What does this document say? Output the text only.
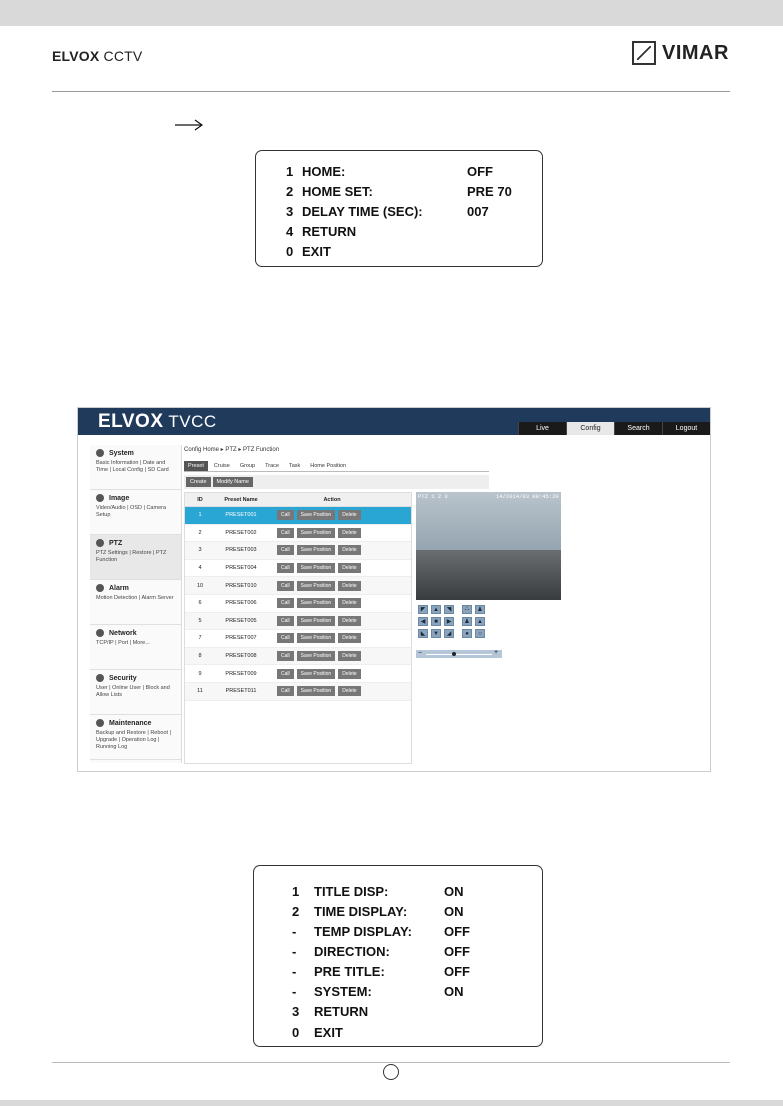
ELVOX CCTV	VIMAR
1 HOME:	OFF
2 HOME SET:	PRE 70
3 DELAY TIME (SEC):	007
4 RETURN
0 EXIT
ELVOX TVCC	Live	Config	Search	Logout
System
Basic Information | Date and Time | Local Config | SD Card
Image
Video/Audio | OSD | Camera Setup
PTZ
PTZ Settings | Restore | PTZ Function
Alarm
Motion Detection | Alarm Server
Network
TCP/IP | Port | More...
Security
User | Online User | Block and Allow Lists
Maintenance
Backup and Restore | Reboot | Upgrade | Operation Log | Running Log
Config Home ▸ PTZ ▸ PTZ Function
Preset	Cruise	Group	Trace	Task	Home Position
Create	Modify Name
ID	Preset Name	Action
1	PRESET001	Call	Save Position	Delete
2	PRESET002	Call	Save Position	Delete
3	PRESET003	Call	Save Position	Delete
4	PRESET004	Call	Save Position	Delete
10	PRESET010	Call	Save Position	Delete
6	PRESET006	Call	Save Position	Delete
5	PRESET005	Call	Save Position	Delete
7	PRESET007	Call	Save Position	Delete
8	PRESET008	Call	Save Position	Delete
9	PRESET009	Call	Save Position	Delete
11	PRESET011	Call	Save Position	Delete
PTZ 1 2 3	14/2014/03 09:45:20
◤	▲	◥
◀	■	▶
◣	▼	◢
⛬	♟
♟	▲
●	○
−	+
1	TITLE DISP:	ON
2	TIME DISPLAY:	ON
-	TEMP DISPLAY:	OFF
-	DIRECTION:	OFF
-	PRE TITLE:	OFF
-	SYSTEM:	ON
3	RETURN
0	EXIT
